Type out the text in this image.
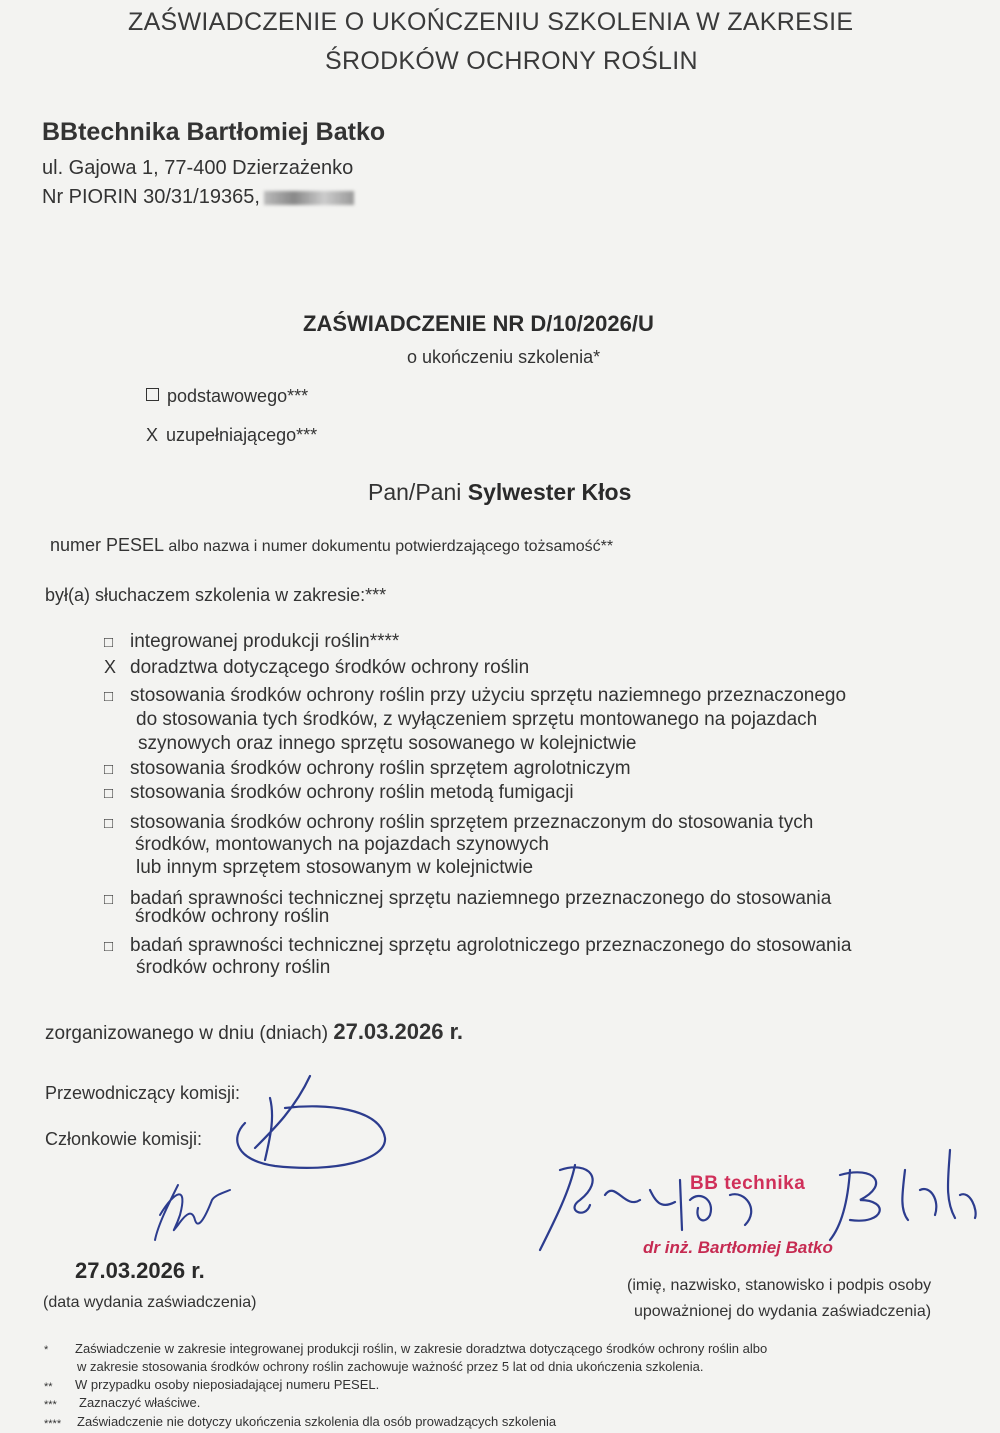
ZAŚWIADCZENIE O UKOŃCZENIU SZKOLENIA W ZAKRESIE
ŚRODKÓW OCHRONY ROŚLIN
BBtechnika Bartłomiej Batko
ul. Gajowa 1, 77-400 Dzierzażenko
Nr PIORIN 30/31/19365,
ZAŚWIADCZENIE NR D/10/2026/U
o ukończeniu szkolenia*
podstawowego***
X uzupełniającego***
Pan/Pani Sylwester Kłos
numer PESEL albo nazwa i numer dokumentu potwierdzającego tożsamość**
był(a) słuchaczem szkolenia w zakresie:***
□ integrowanej produkcji roślin****
X doradztwa dotyczącego środków ochrony roślin
□ stosowania środków ochrony roślin przy użyciu sprzętu naziemnego przeznaczonego
do stosowania tych środków, z wyłączeniem sprzętu montowanego na pojazdach
szynowych oraz innego sprzętu sosowanego w kolejnictwie
□ stosowania środków ochrony roślin sprzętem agrolotniczym
□ stosowania środków ochrony roślin metodą fumigacji
□ stosowania środków ochrony roślin sprzętem przeznaczonym do stosowania tych
środków, montowanych na pojazdach szynowych
lub innym sprzętem stosowanym w kolejnictwie
□ badań sprawności technicznej sprzętu naziemnego przeznaczonego do stosowania
środków ochrony roślin
□ badań sprawności technicznej sprzętu agrolotniczego przeznaczonego do stosowania
środków ochrony roślin
zorganizowanego w dniu (dniach) 27.03.2026 r.
Przewodniczący komisji:
Członkowie komisji:
27.03.2026 r.
(data wydania zaświadczenia)
BB technika
dr inż. Bartłomiej Batko
(imię, nazwisko, stanowisko i podpis osoby
upoważnionej do wydania zaświadczenia)
* Zaświadczenie w zakresie integrowanej produkcji roślin, w zakresie doradztwa dotyczącego środków ochrony roślin albo
w zakresie stosowania środków ochrony roślin zachowuje ważność przez 5 lat od dnia ukończenia szkolenia.
** W przypadku osoby nieposiadającej numeru PESEL.
*** Zaznaczyć właściwe.
**** Zaświadczenie nie dotyczy ukończenia szkolenia dla osób prowadzących szkolenia
